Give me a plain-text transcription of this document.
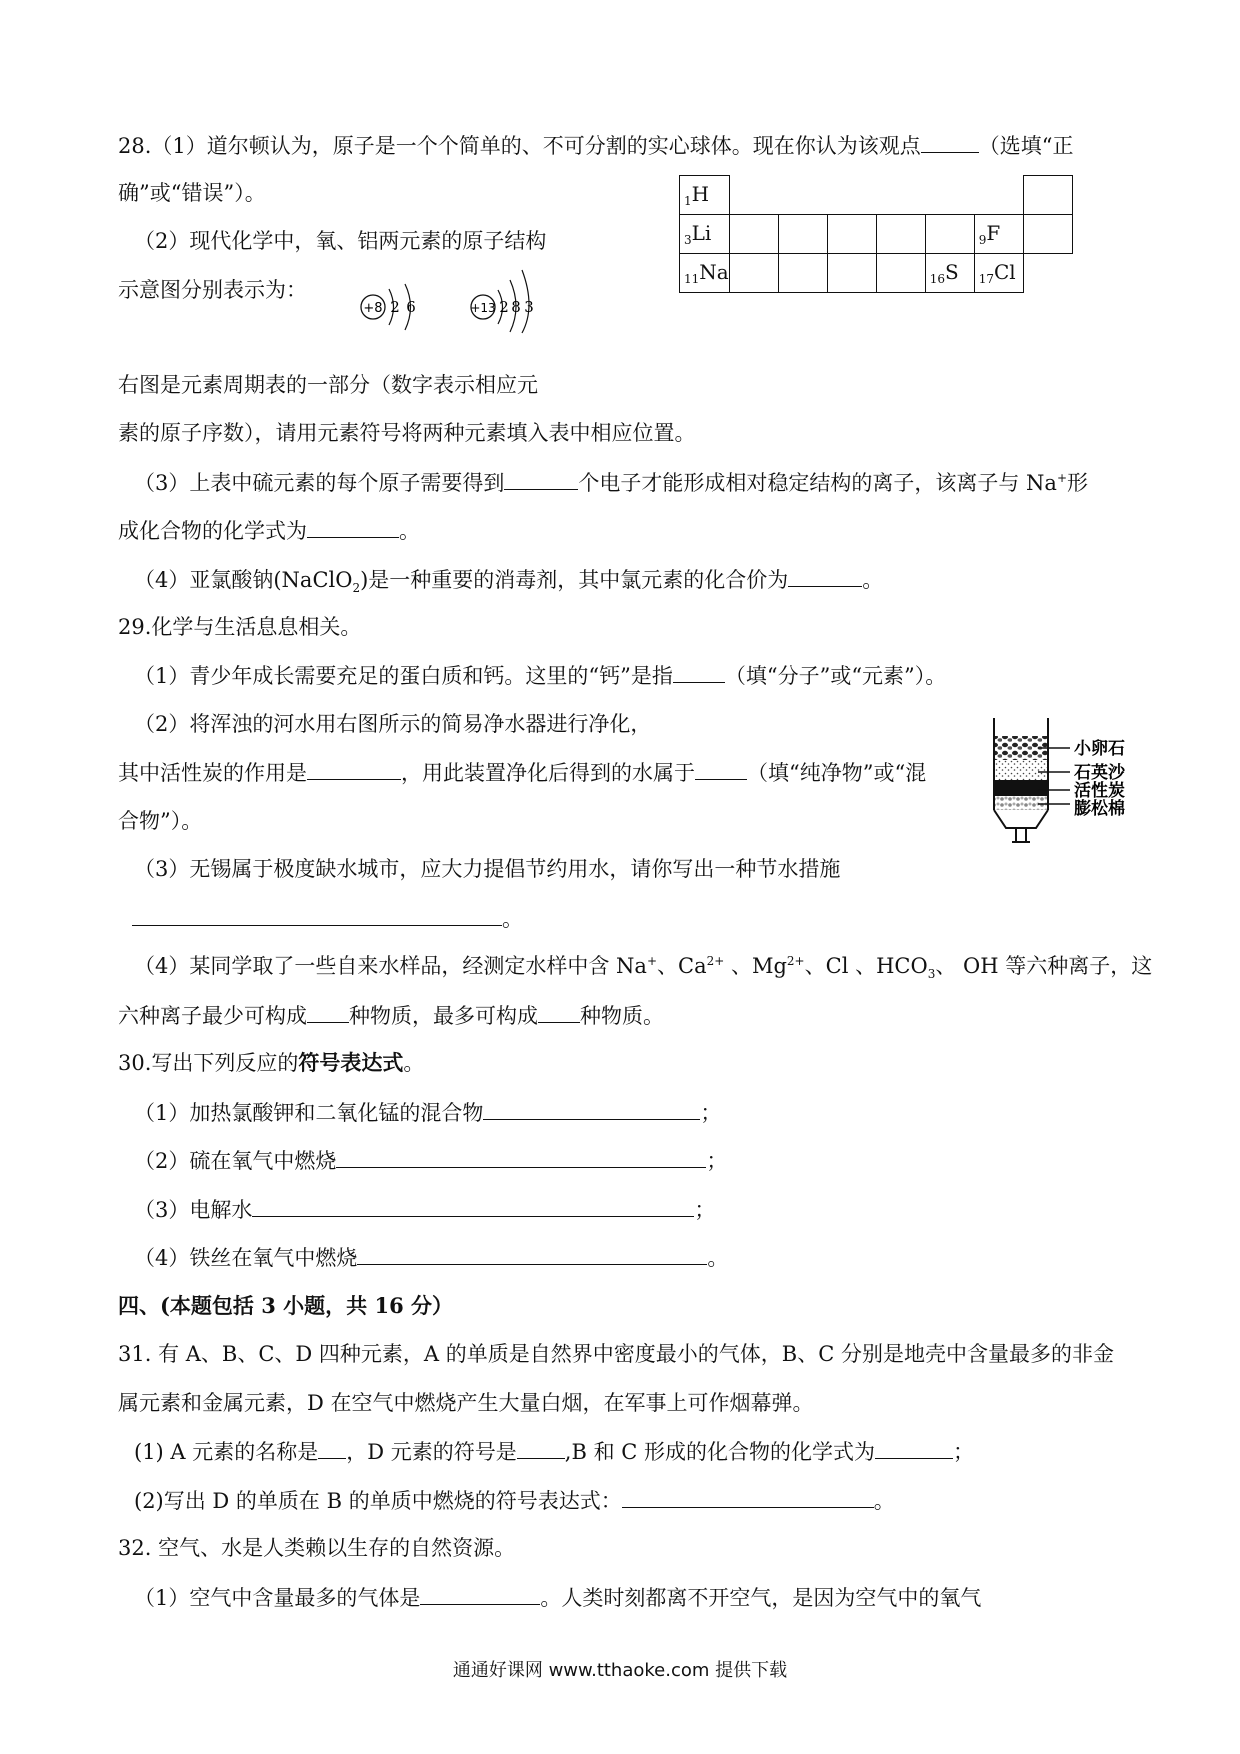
28.（1）道尔顿认为，原子是一个个简单的、不可分割的实心球体。现在你认为该观点	（选填“正
确”或“错误”）。
（2）现代化学中，氧、铝两元素的原子结构
示意图分别表示为：
+8 2 6	+13 2 8 3
$_1$H							
$_3$Li						$_9$F	
$_{11}$Na					$_{16}$S	$_{17}$Cl	
右图是元素周期表的一部分（数字表示相应元
素的原子序数），请用元素符号将两种元素填入表中相应位置。
（3）上表中硫元素的每个原子需要得到	个电子才能形成相对稳定结构的离子，该离子与 Na+形
成化合物的化学式为	。
（4）亚氯酸钠(NaClO$_2$)是一种重要的消毒剂，其中氯元素的化合价为	。
29.化学与生活息息相关。
（1）青少年成长需要充足的蛋白质和钙。这里的“钙”是指 （填“分子”或“元素”）。
（2）将浑浊的河水用右图所示的简易净水器进行净化，
其中活性炭的作用是	，用此装置净化后得到的水属于 （填“纯净物”或“混
合物”）。
小卵石
石英沙
活性炭
膨松棉
（3）无锡属于极度缺水城市，应大力提倡节约用水，请你写出一种节水措施
。
（4）某同学取了一些自来水样品，经测定水样中含 Na+、$Ca^{2+}$ 、$Mg^{2+}$、Cl 、$HCO_3$、 OH 等六种离子，这
六种离子最少可构成 种物质，最多可构成 种物质。
30.写出下列反应的符号表达式。
（1）加热氯酸钾和二氧化锰的混合物	；
（2）硫在氧气中燃烧	；
（3）电解水	；
（4）铁丝在氧气中燃烧	。
四、(本题包括 3 小题，共 16 分）
31. 有 A、B、C、D 四种元素，A 的单质是自然界中密度最小的气体，B、C 分别是地壳中含量最多的非金
属元素和金属元素，D 在空气中燃烧产生大量白烟，在军事上可作烟幕弹。
(1) A 元素的名称是 ，D 元素的符号是 ,B 和 C 形成的化合物的化学式为	；
(2)写出 D 的单质在 B 的单质中燃烧的符号表达式：	。
32. 空气、水是人类赖以生存的自然资源。
（1）空气中含量最多的气体是	。人类时刻都离不开空气，是因为空气中的氧气
通通好课网 www.tthaoke.com 提供下载
